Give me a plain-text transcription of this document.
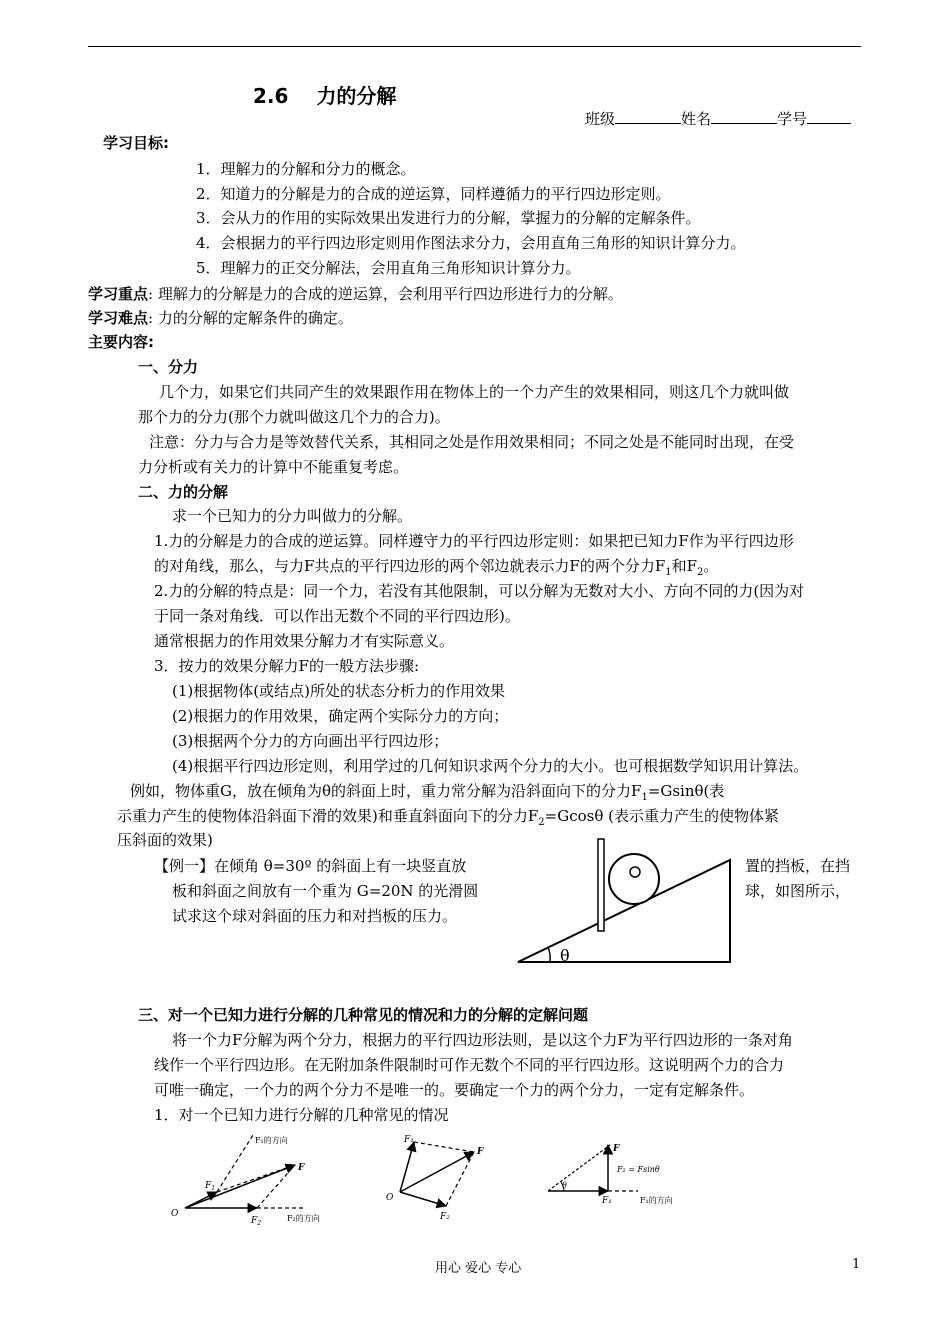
2.6 力的分解
班级	姓名	学号
学习目标:
1．理解力的分解和分力的概念。
2．知道力的分解是力的合成的逆运算，同样遵循力的平行四边形定则。
3．会从力的作用的实际效果出发进行力的分解，掌握力的分解的定解条件。
4．会根据力的平行四边形定则用作图法求分力，会用直角三角形的知识计算分力。
5．理解力的正交分解法，会用直角三角形知识计算分力。
学习重点: 理解力的分解是力的合成的逆运算，会利用平行四边形进行力的分解。
学习难点: 力的分解的定解条件的确定。
主要内容:
一、分力
几个力，如果它们共同产生的效果跟作用在物体上的一个力产生的效果相同，则这几个力就叫做
那个力的分力(那个力就叫做这几个力的合力)。
注意：分力与合力是等效替代关系，其相同之处是作用效果相同；不同之处是不能同时出现，在受
力分析或有关力的计算中不能重复考虑。
二、力的分解
求一个已知力的分力叫做力的分解。
1.力的分解是力的合成的逆运算。同样遵守力的平行四边形定则：如果把已知力F作为平行四边形
的对角线，那么，与力F共点的平行四边形的两个邻边就表示力F的两个分力$F_1$和$F_2$。
2.力的分解的特点是：同一个力，若没有其他限制，可以分解为无数对大小、方向不同的力(因为对
于同一条对角线．可以作出无数个不同的平行四边形)。
通常根据力的作用效果分解力才有实际意义。
3．按力的效果分解力F的一般方法步骤:
(1)根据物体(或结点)所处的状态分析力的作用效果
(2)根据力的作用效果，确定两个实际分力的方向；
(3)根据两个分力的方向画出平行四边形；
(4)根据平行四边形定则，利用学过的几何知识求两个分力的大小。也可根据数学知识用计算法。
例如，物体重G，放在倾角为θ的斜面上时，重力常分解为沿斜面向下的分力$F_1=Gsin\theta$(表
示重力产生的使物体沿斜面下滑的效果)和垂直斜面向下的分力$F_2=Gcos\theta$ (表示重力产生的使物体紧
压斜面的效果)
【例一】在倾角 θ=30º 的斜面上有一块竖直放	置的挡板，在挡
板和斜面之间放有一个重为 G=20N 的光滑圆	球，如图所示，
试求这个球对斜面的压力和对挡板的压力。
θ
三、对一个已知力进行分解的几种常见的情况和力的分解的定解问题
将一个力F分解为两个分力，根据力的平行四边形法则，是以这个力F为平行四边形的一条对角
线作一个平行四边形。在无附加条件限制时可作无数个不同的平行四边形。这说明两个力的合力
可唯一确定，一个力的两个分力不是唯一的。要确定一个力的两个分力，一定有定解条件。
1．对一个已知力进行分解的几种常见的情况
O
F
$F_1$
$F_2$
F₁的方向
F₂的方向
O
F₁
F
F₂
θ
F
F₂ = Fsinθ
F₁	F₁的方向
用心 爱心 专心	1
